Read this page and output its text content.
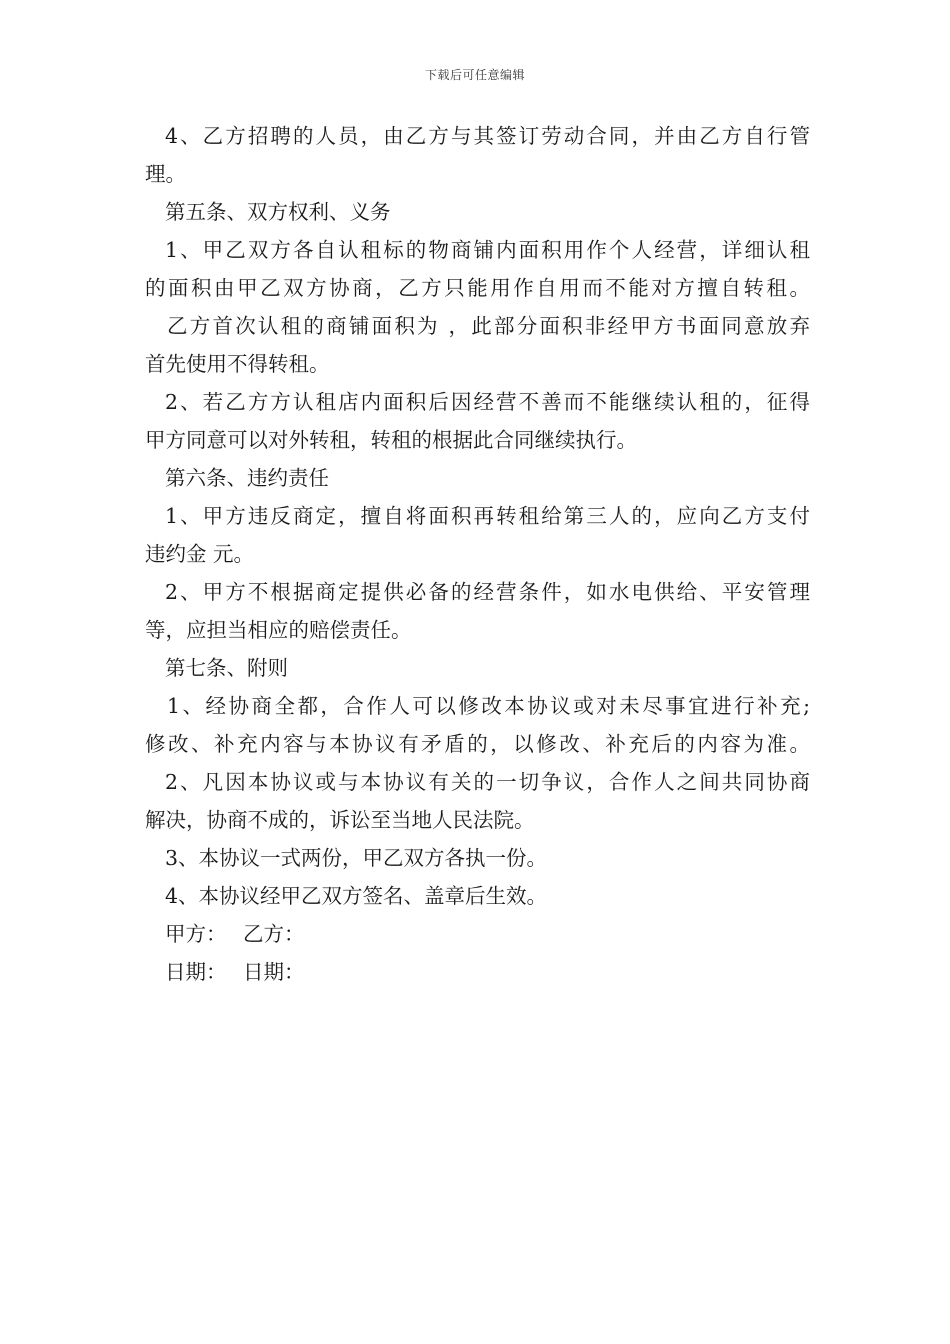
下载后可任意编辑
4、乙方招聘的人员，由乙方与其签订劳动合同，并由乙方自行管
理。
第五条、双方权利、义务
1、甲乙双方各自认租标的物商铺内面积用作个人经营，详细认租
的面积由甲乙双方协商，乙方只能用作自用而不能对方擅自转租。
乙方首次认租的商铺面积为 ，此部分面积非经甲方书面同意放弃
首先使用不得转租。
2、若乙方方认租店内面积后因经营不善而不能继续认租的，征得
甲方同意可以对外转租，转租的根据此合同继续执行。
第六条、违约责任
1、甲方违反商定，擅自将面积再转租给第三人的，应向乙方支付
违约金 元。
2、甲方不根据商定提供必备的经营条件，如水电供给、平安管理
等，应担当相应的赔偿责任。
第七条、附则
1、经协商全都，合作人可以修改本协议或对未尽事宜进行补充;
修改、补充内容与本协议有矛盾的，以修改、补充后的内容为准。
2、凡因本协议或与本协议有关的一切争议，合作人之间共同协商
解决，协商不成的，诉讼至当地人民法院。
3、本协议一式两份，甲乙双方各执一份。
4、本协议经甲乙双方签名、盖章后生效。
甲方： 乙方：
日期： 日期：
